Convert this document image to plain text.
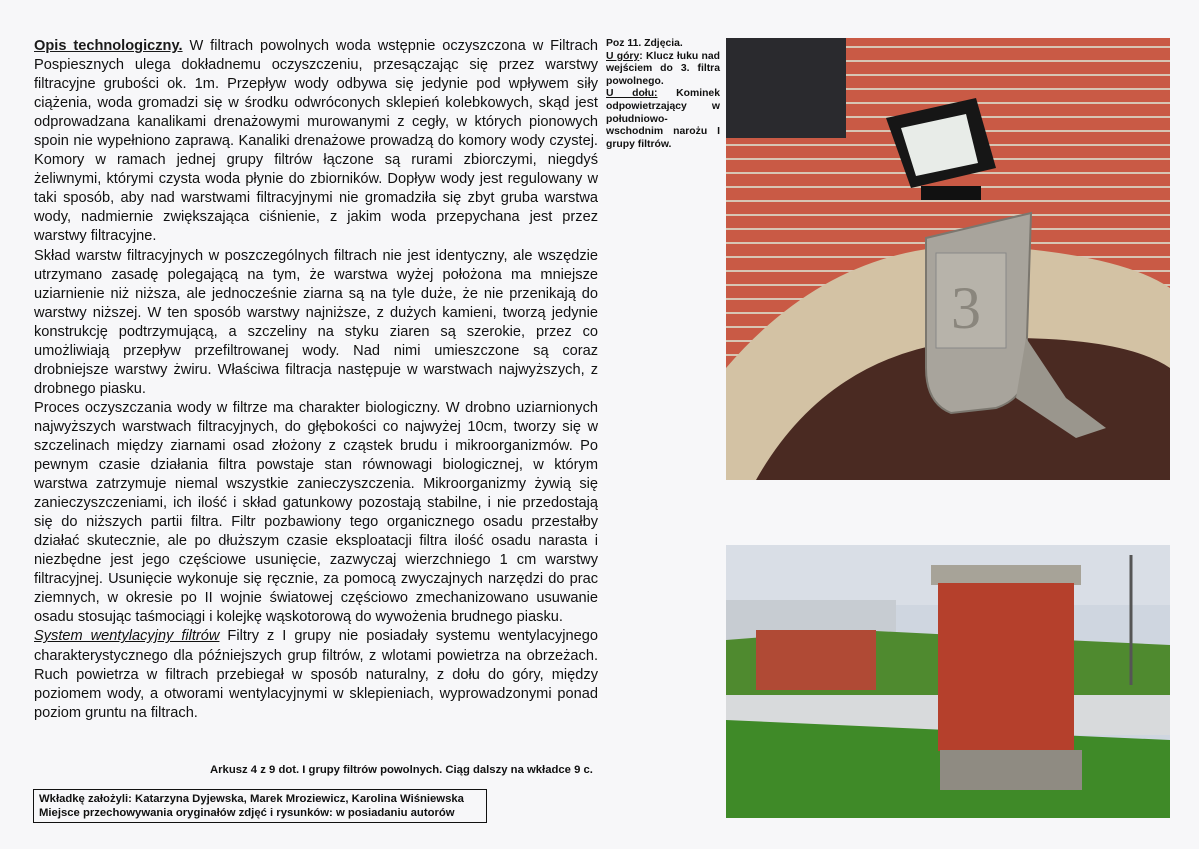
Opis technologiczny. W filtrach powolnych woda wstępnie oczyszczona w Filtrach Pospiesznych ulega dokładnemu oczyszczeniu, przesączając się przez warstwy filtracyjne grubości ok. 1m. Przepływ wody odbywa się jedynie pod wpływem siły ciążenia, woda gromadzi się w środku odwróconych sklepień kolebkowych, skąd jest odprowadzana kanalikami drenażowymi murowanymi z cegły, w których pionowych spoin nie wypełniono zaprawą. Kanaliki drenażowe prowadzą do komory wody czystej. Komory w ramach jednej grupy filtrów łączone są rurami zbiorczymi, niegdyś żeliwnymi, którymi czysta woda płynie do zbiorników. Dopływ wody jest regulowany w taki sposób, aby nad warstwami filtracyjnymi nie gromadziła się zbyt gruba warstwa wody, nadmiernie zwiększająca ciśnienie, z jakim woda przepychana jest przez warstwy filtracyjne.

Skład warstw filtracyjnych w poszczególnych filtrach nie jest identyczny, ale wszędzie utrzymano zasadę polegającą na tym, że warstwa wyżej położona ma mniejsze uziarnienie niż niższa, ale jednocześnie ziarna są na tyle duże, że nie przenikają do warstwy niższej. W ten sposób warstwy najniższe, z dużych kamieni, tworzą jedynie konstrukcję podtrzymującą, a szczeliny na styku ziaren są szerokie, przez co umożliwiają przepływ przefiltrowanej wody. Nad nimi umieszczone są coraz drobniejsze warstwy żwiru. Właściwa filtracja następuje w warstwach najwyższych, z drobnego piasku.

Proces oczyszczania wody w filtrze ma charakter biologiczny. W drobno uziarnionych najwyższych warstwach filtracyjnych, do głębokości co najwyżej 10cm, tworzy się w szczelinach między ziarnami osad złożony z cząstek brudu i mikroorganizmów. Po pewnym czasie działania filtra powstaje stan równowagi biologicznej, w którym warstwa zatrzymuje niemal wszystkie zanieczyszczenia. Mikroorganizmy żywią się zanieczyszczeniami, ich ilość i skład gatunkowy pozostają stabilne, i nie przedostają się do niższych partii filtra. Filtr pozbawiony tego organicznego osadu przestałby działać skutecznie, ale po dłuższym czasie eksploatacji filtra ilość osadu narasta i niezbędne jest jego częściowe usunięcie, zazwyczaj wierzchniego 1 cm warstwy filtracyjnej. Usunięcie wykonuje się ręcznie, za pomocą zwyczajnych narzędzi do prac ziemnych, w okresie po II wojnie światowej częściowo zmechanizowano usuwanie osadu stosując taśmociągi i kolejkę wąskotorową do wywożenia brudnego piasku.

System wentylacyjny filtrów Filtry z I grupy nie posiadały systemu wentylacyjnego charakterystycznego dla późniejszych grup filtrów, z wlotami powietrza na obrzeżach. Ruch powietrza w filtrach przebiegał w sposób naturalny, z dołu do góry, między poziomem wody, a otworami wentylacyjnymi w sklepieniach, wyprowadzonymi ponad poziom gruntu na filtrach.

Poz 11. Zdjęcia.
U góry: Klucz łuku nad wejściem do 3. filtra powolnego.
U dołu: Kominek odpowietrzający w południowo- wschodnim narożu I grupy filtrów.
3
Arkusz 4 z 9 dot. I grupy filtrów powolnych. Ciąg dalszy na wkładce 9 c.
Wkładkę założyli: Katarzyna Dyjewska, Marek Mroziewicz, Karolina Wiśniewska
Miejsce przechowywania oryginałów zdjęć i rysunków: w posiadaniu autorów
